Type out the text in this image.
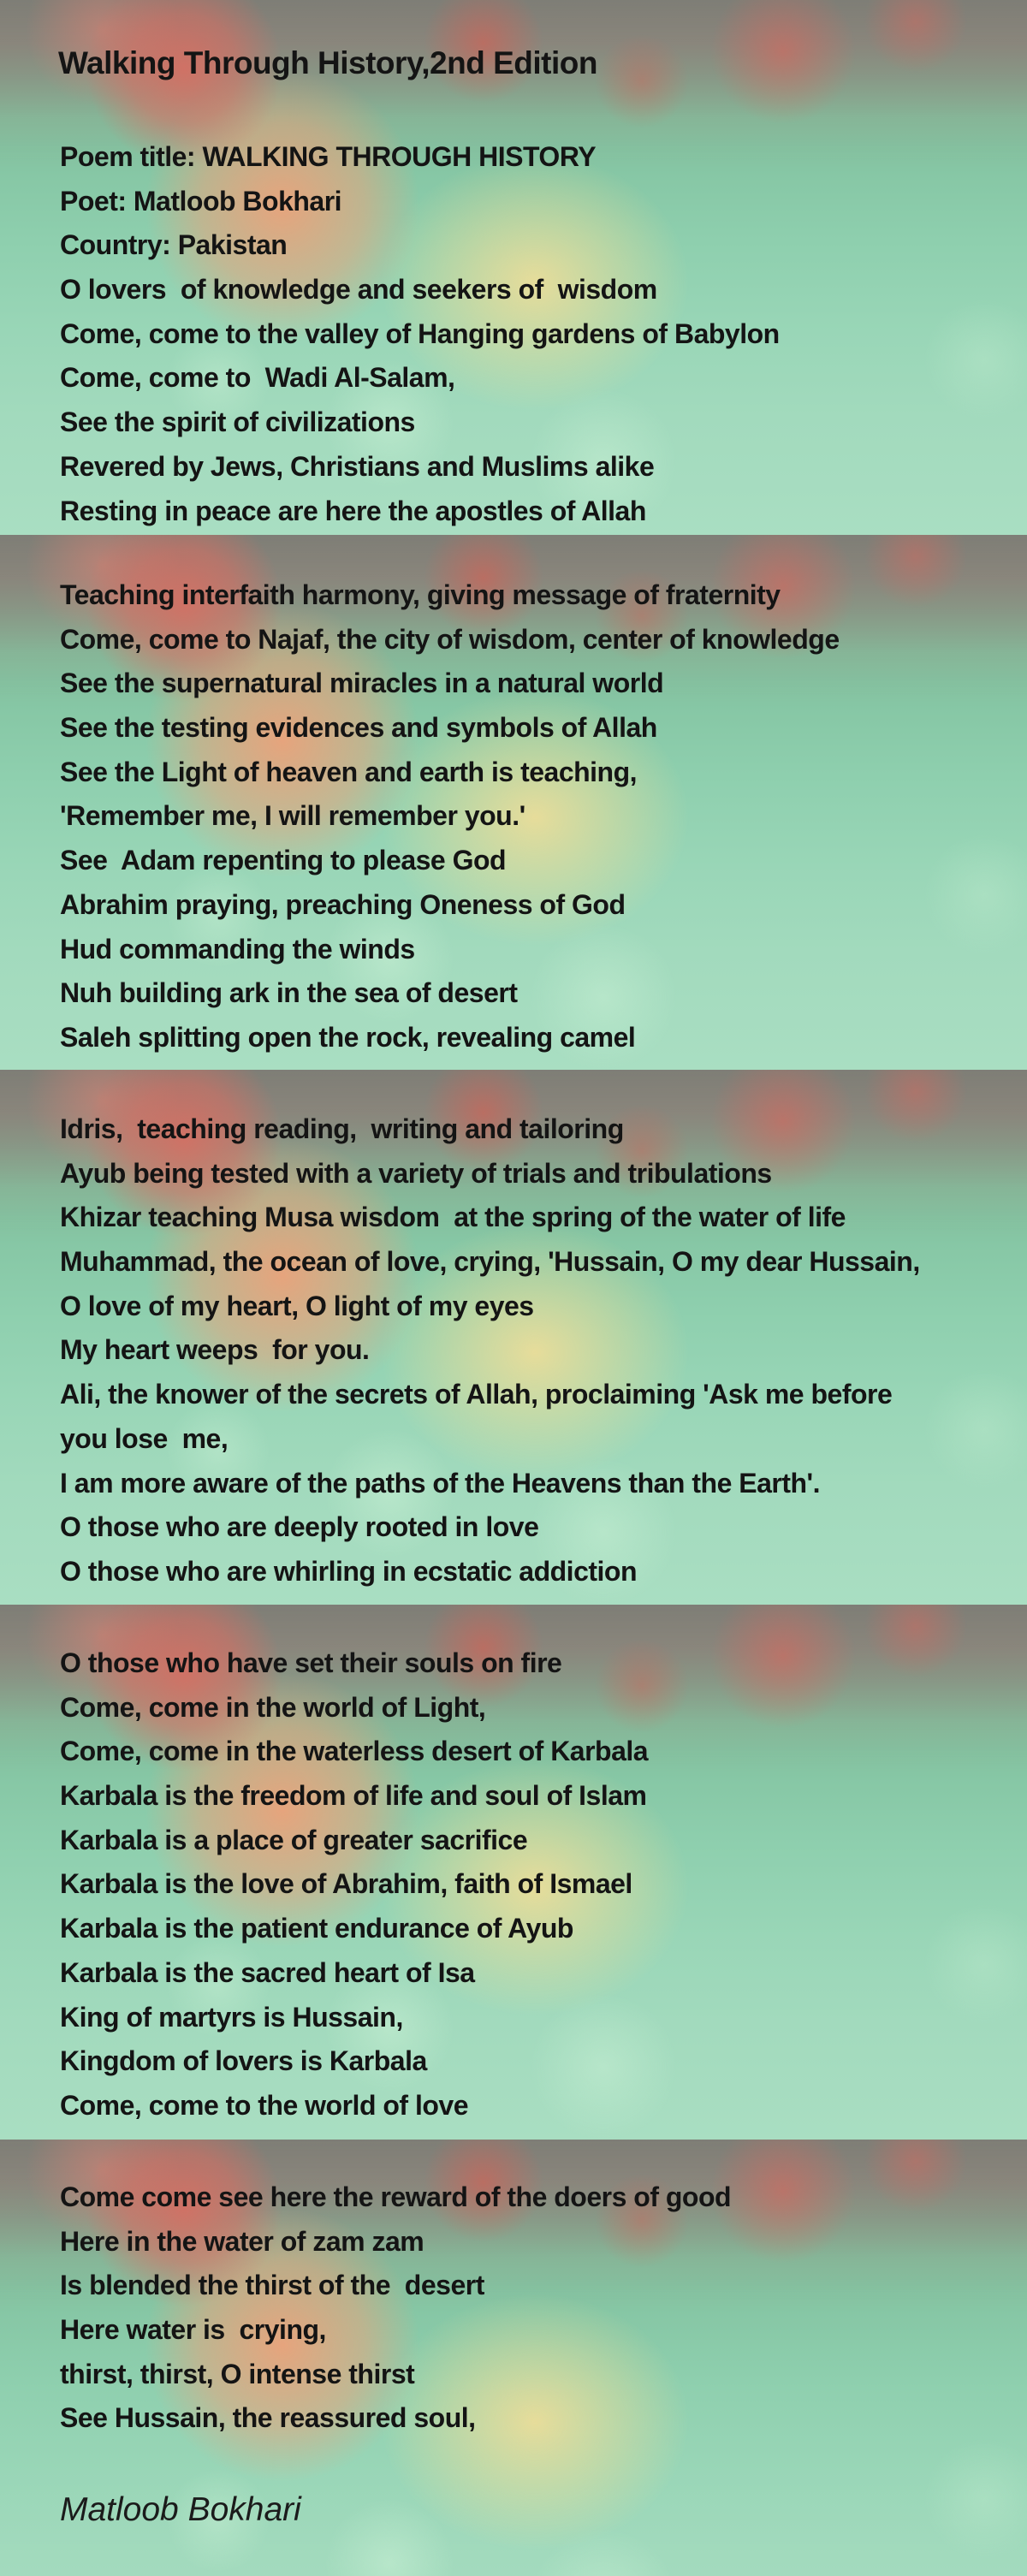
Walking Through History,2nd Edition
Poem title: WALKING THROUGH HISTORY
Poet: Matloob Bokhari
Country: Pakistan
O lovers  of knowledge and seekers of  wisdom
Come, come to the valley of Hanging gardens of Babylon
Come, come to  Wadi Al-Salam,
See the spirit of civilizations
Revered by Jews, Christians and Muslims alike
Resting in peace are here the apostles of Allah
Teaching interfaith harmony, giving message of fraternity
Come, come to Najaf, the city of wisdom, center of knowledge
See the supernatural miracles in a natural world
See the testing evidences and symbols of Allah
See the Light of heaven and earth is teaching,
'Remember me, I will remember you.'
See  Adam repenting to please God
Abrahim praying, preaching Oneness of God
Hud commanding the winds
Nuh building ark in the sea of desert
Saleh splitting open the rock, revealing camel
Idris,  teaching reading,  writing and tailoring
Ayub being tested with a variety of trials and tribulations
Khizar teaching Musa wisdom  at the spring of the water of life
Muhammad, the ocean of love, crying, 'Hussain, O my dear Hussain,
O love of my heart, O light of my eyes
My heart weeps  for you.
Ali, the knower of the secrets of Allah, proclaiming 'Ask me before
you lose  me,
I am more aware of the paths of the Heavens than the Earth'.
O those who are deeply rooted in love
O those who are whirling in ecstatic addiction
O those who have set their souls on fire
Come, come in the world of Light,
Come, come in the waterless desert of Karbala
Karbala is the freedom of life and soul of Islam
Karbala is a place of greater sacrifice
Karbala is the love of Abrahim, faith of Ismael
Karbala is the patient endurance of Ayub
Karbala is the sacred heart of Isa
King of martyrs is Hussain,
Kingdom of lovers is Karbala
Come, come to the world of love
Come come see here the reward of the doers of good
Here in the water of zam zam
Is blended the thirst of the  desert
Here water is  crying,
thirst, thirst, O intense thirst
See Hussain, the reassured soul,
Matloob Bokhari
